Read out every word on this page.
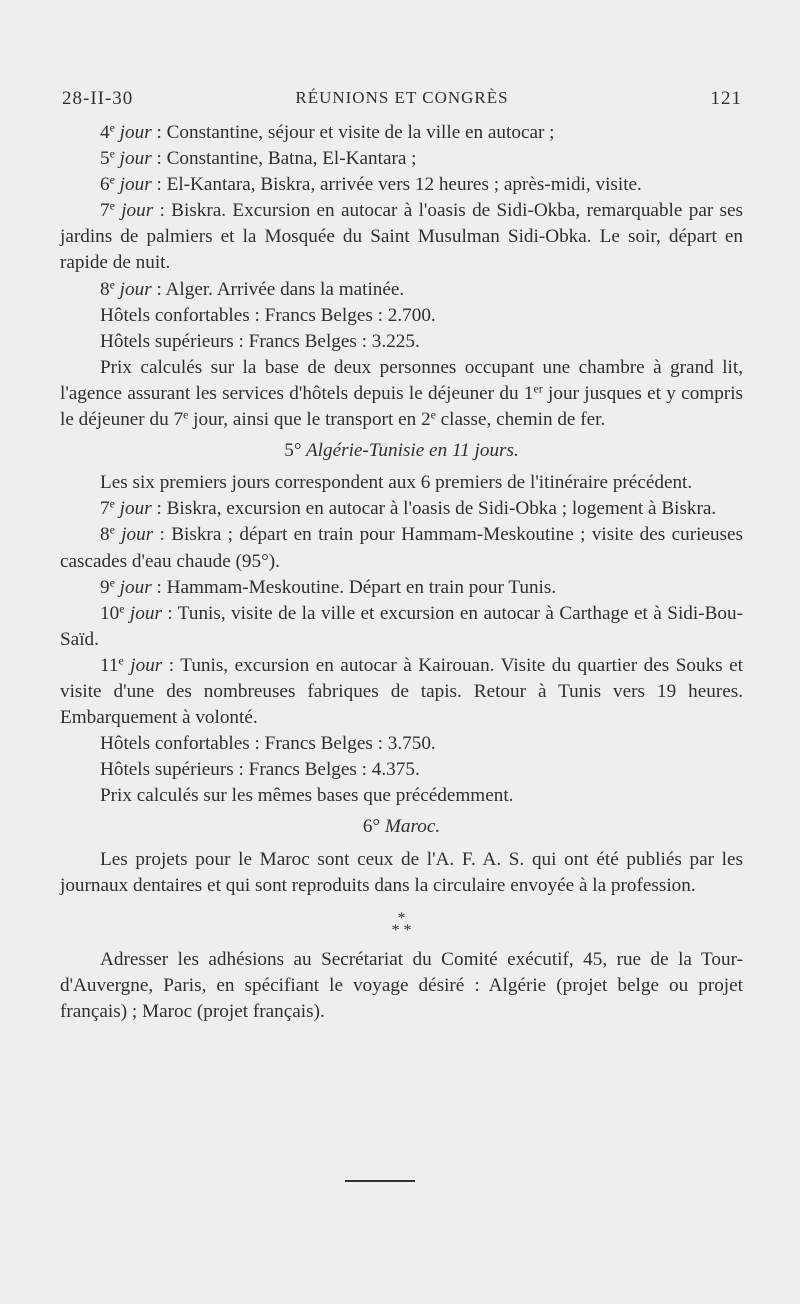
28-II-30	RÉUNIONS ET CONGRÈS	121

4e jour : Constantine, séjour et visite de la ville en autocar ;

5e jour : Constantine, Batna, El-Kantara ;

6e jour : El-Kantara, Biskra, arrivée vers 12 heures ; après-midi, visite.

7e jour : Biskra. Excursion en autocar à l'oasis de Sidi-Okba, remarquable par ses jardins de palmiers et la Mosquée du Saint Musulman Sidi-Obka. Le soir, départ en rapide de nuit.

8e jour : Alger. Arrivée dans la matinée.

Hôtels confortables : Francs Belges : 2.700.

Hôtels supérieurs : Francs Belges : 3.225.

Prix calculés sur la base de deux personnes occupant une chambre à grand lit, l'agence assurant les services d'hôtels depuis le déjeuner du 1er jour jusques et y compris le déjeuner du 7e jour, ainsi que le transport en 2e classe, chemin de fer.

5° Algérie-Tunisie en 11 jours.

Les six premiers jours correspondent aux 6 premiers de l'itinéraire précédent.

7e jour : Biskra, excursion en autocar à l'oasis de Sidi-Obka ; logement à Biskra.

8e jour : Biskra ; départ en train pour Hammam-Meskoutine ; visite des curieuses cascades d'eau chaude (95°).

9e jour : Hammam-Meskoutine. Départ en train pour Tunis.

10e jour : Tunis, visite de la ville et excursion en autocar à Carthage et à Sidi-Bou-Saïd.

11e jour : Tunis, excursion en autocar à Kairouan. Visite du quartier des Souks et visite d'une des nombreuses fabriques de tapis. Retour à Tunis vers 19 heures. Embarquement à volonté.

Hôtels confortables : Francs Belges : 3.750.

Hôtels supérieurs : Francs Belges : 4.375.

Prix calculés sur les mêmes bases que précédemment.

6° Maroc.

Les projets pour le Maroc sont ceux de l'A. F. A. S. qui ont été publiés par les journaux dentaires et qui sont reproduits dans la circulaire envoyée à la profession.

*
* *

Adresser les adhésions au Secrétariat du Comité exécutif, 45, rue de la Tour-d'Auvergne, Paris, en spécifiant le voyage désiré : Algérie (projet belge ou projet français) ; Maroc (projet français).
